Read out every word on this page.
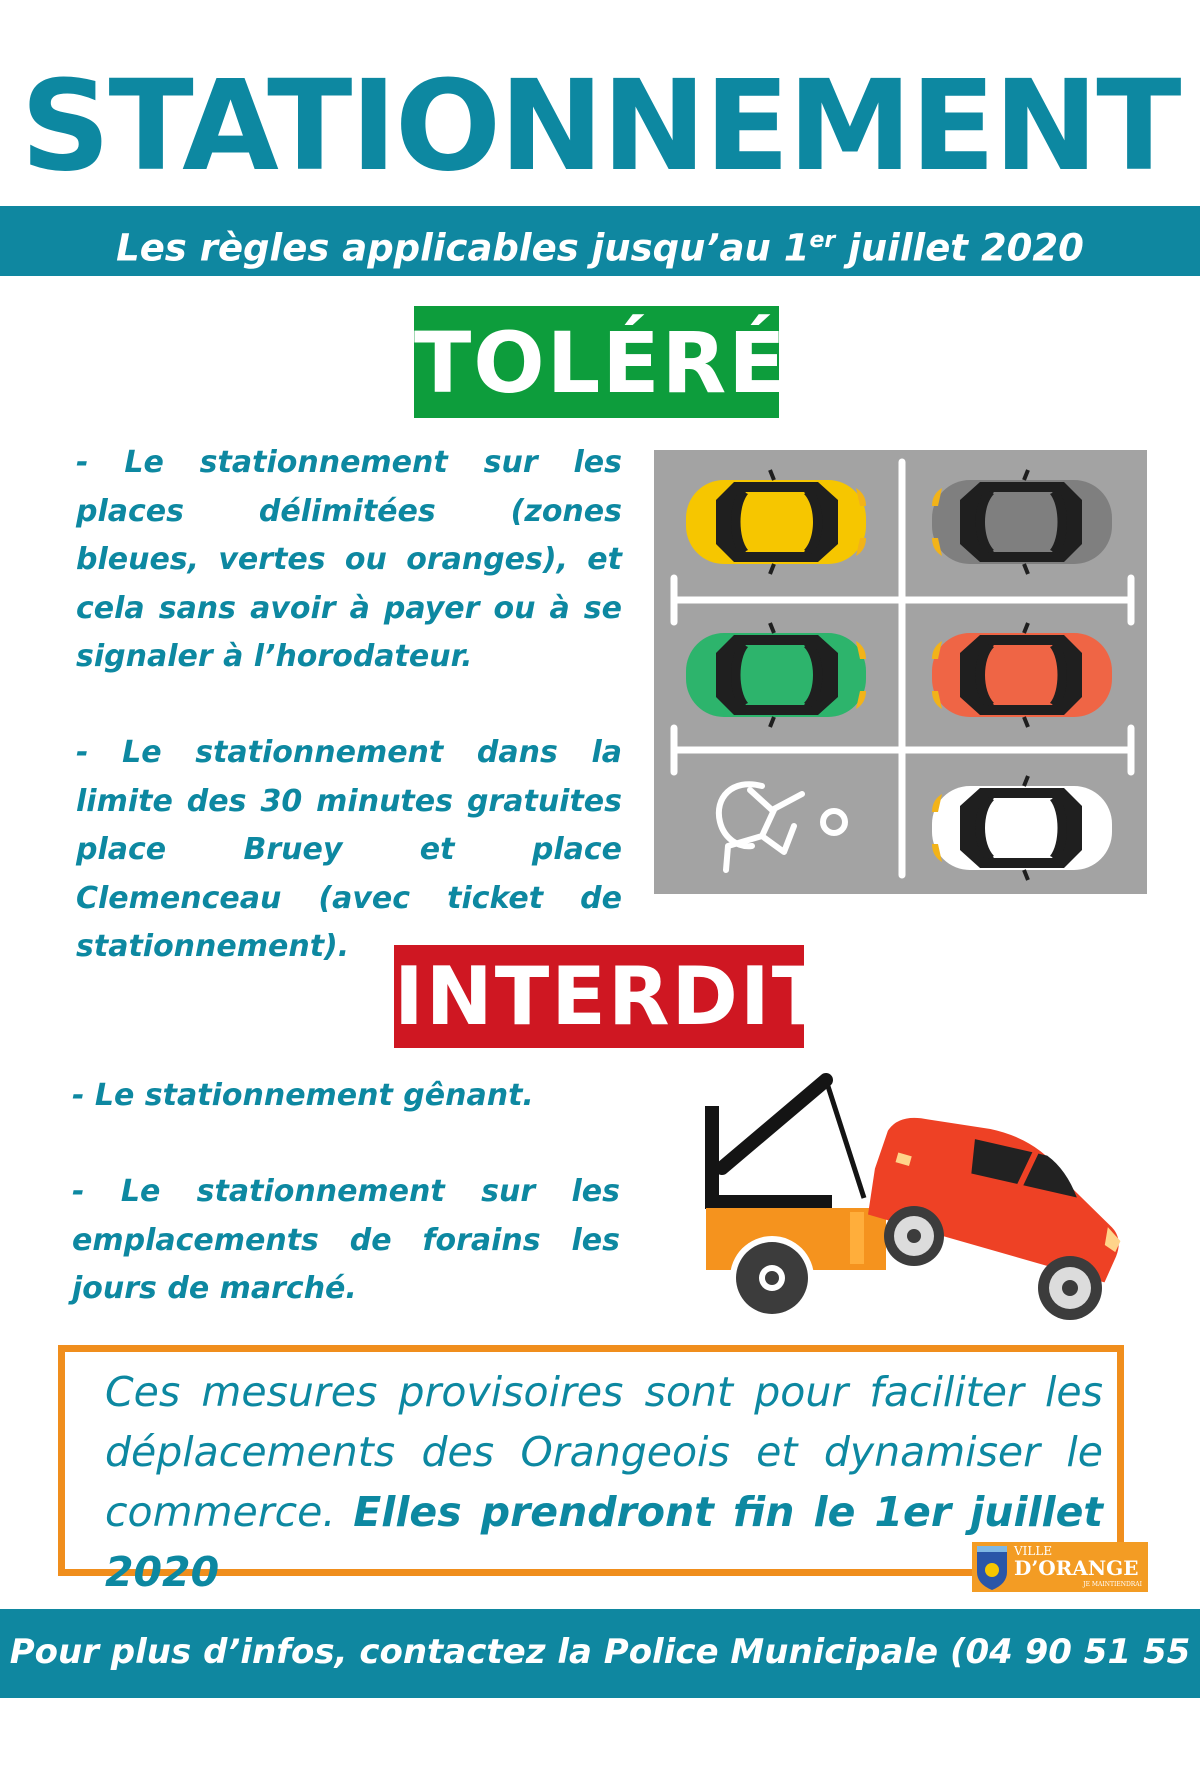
STATIONNEMENT
Les règles applicables jusqu’au 1er juillet 2020
TOLÉRÉ

- Le stationnement sur les places délimitées (zones bleues, vertes ou oranges), et cela sans avoir à payer ou à se signaler à l’horodateur.

- Le stationnement dans la limite des 30 minutes gratuites place Bruey et place Clemenceau (avec ticket de stationnement).

INTERDIT

- Le stationnement gênant.

- Le stationnement sur les emplacements de forains les jours de marché.

Ces mesures provisoires sont pour faciliter les déplacements des Orangeois et dynamiser le commerce. Elles prendront fin le 1er juillet 2020	VILLE
D’ORANGE
JE MAINTIENDRAI
Pour plus d’infos, contactez la Police Municipale (04 90 51 55 55)
